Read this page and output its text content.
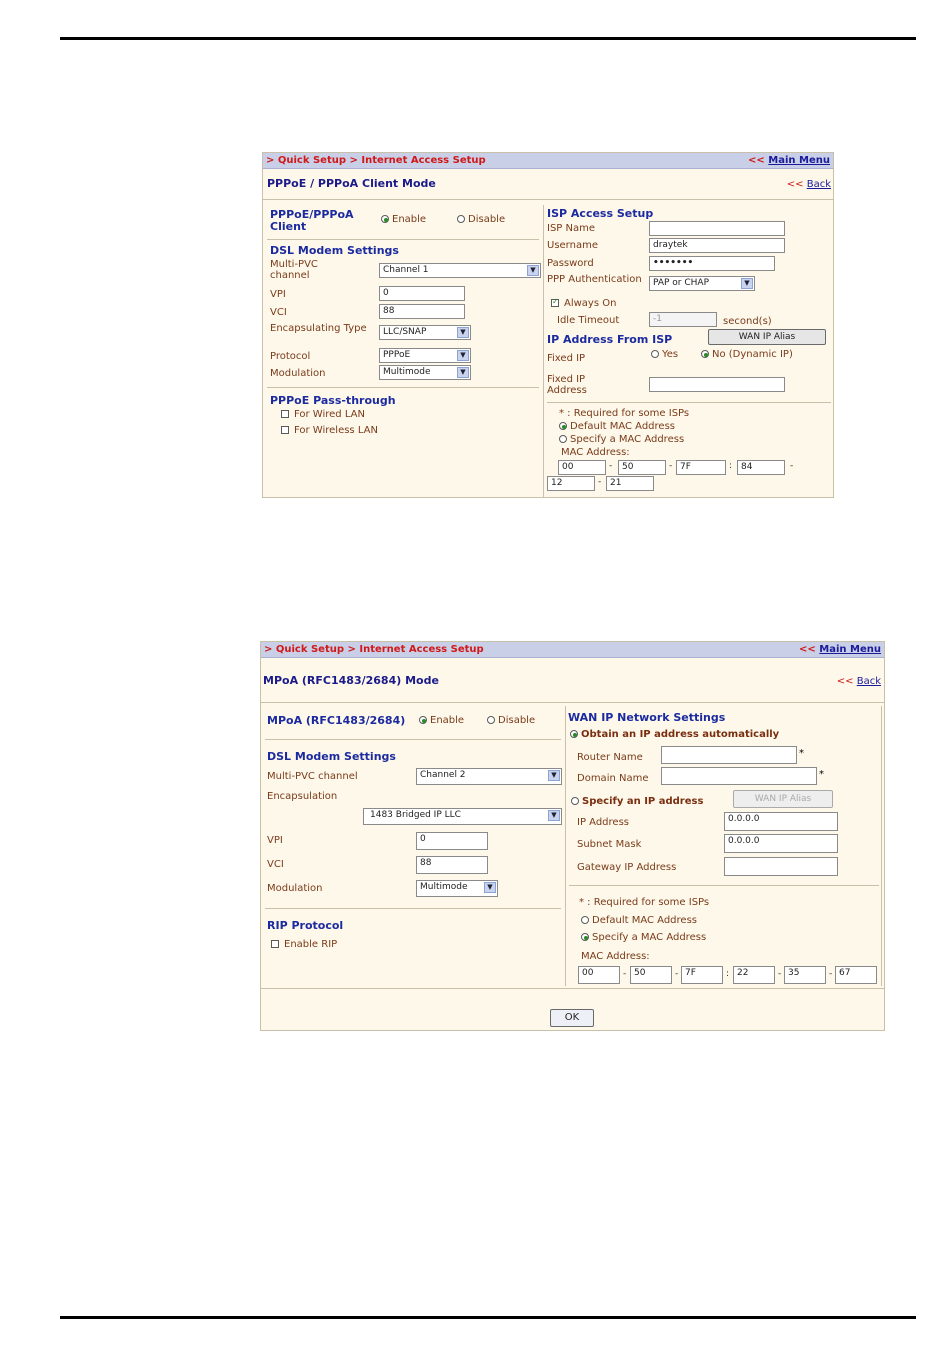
> Quick Setup > Internet Access Setup	<< Main Menu
PPPoE / PPPoA Client Mode	<< Back
PPPoE/PPPoA Client
Enable	Disable
DSL Modem Settings
Multi-PVC channel	Channel 1	▼
VPI	0
VCI	88
Encapsulating Type	LLC/SNAP	▼
Protocol	PPPoE	▼
Modulation	Multimode	▼
PPPoE Pass-through
For Wired LAN
For Wireless LAN
ISP Access Setup
ISP Name
Username	draytek
Password	•••••••
PPP Authentication	PAP or CHAP	▼
✓Always On
Idle Timeout	-1	second(s)
IP Address From ISP	WAN IP Alias
Fixed IP	Yes	No (Dynamic IP)
Fixed IP Address
* : Required for some ISPs
Default MAC Address
Specify a MAC Address
MAC Address:
00	-	50	- 7F	: 84	-
12	- 21
> Quick Setup > Internet Access Setup	<< Main Menu
MPoA (RFC1483/2684) Mode	<< Back
MPoA (RFC1483/2684)	Enable	Disable
DSL Modem Settings
Multi-PVC channel	Channel 2	▼
Encapsulation
1483 Bridged IP LLC	▼
VPI	0
VCI	88
Modulation	Multimode	▼
RIP Protocol
Enable RIP
WAN IP Network Settings
Obtain an IP address automatically
Router Name	*
Domain Name	*
Specify an IP address	WAN IP Alias
IP Address	0.0.0.0
Subnet Mask	0.0.0.0
Gateway IP Address
* : Required for some ISPs
Default MAC Address
Specify a MAC Address
MAC Address:
00	- 50	- 7F	: 22	- 35	- 67
OK
